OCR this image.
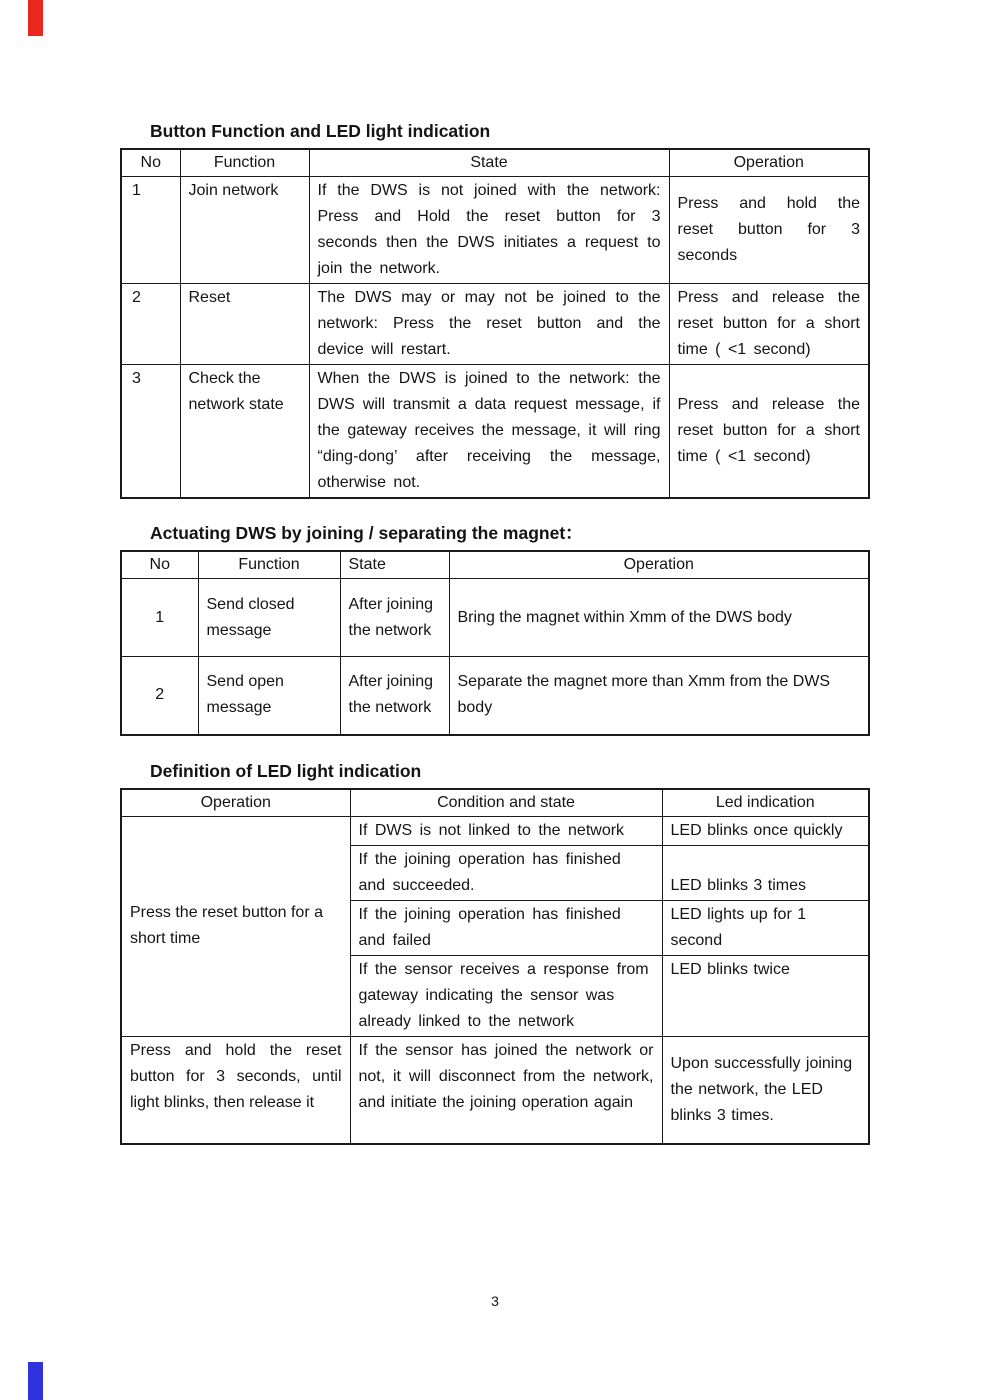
Button Function and LED light indication
No	Function	State	Operation
1	Join network	If the DWS is not joined with the network: Press and Hold the reset button for 3 seconds then the DWS initiates a request to join the network.	Press and hold the reset button for 3 seconds
2	Reset	The DWS may or may not be joined to the network: Press the reset button and the device will restart.	Press and release the reset button for a short time ( <1 second)
3	Check the network state	When the DWS is joined to the network: the DWS will transmit a data request message, if the gateway receives the message, it will ring “ding-dong’ after receiving the message, otherwise not.	Press and release the reset button for a short time ( <1 second)
Actuating DWS by joining / separating the magnet：
No	Function	State	Operation
1	Send closed message	After joining the network	Bring the magnet within Xmm of the DWS body
2	Send open message	After joining the network	Separate the magnet more than Xmm from the DWS body
Definition of LED light indication
Operation	Condition and state	Led indication
Press the reset button for a short time	If DWS is not linked to the network	LED blinks once quickly
	If the joining operation has finished and succeeded.	LED blinks 3 times
	If the joining operation has finished and failed	LED lights up for 1 second
	If the sensor receives a response from gateway indicating the sensor was already linked to the network	LED blinks twice
Press and hold the reset button for 3 seconds, until light blinks, then release it	If the sensor has joined the network or not, it will disconnect from the network, and initiate the joining operation again	Upon successfully joining the network, the LED blinks 3 times.
3
